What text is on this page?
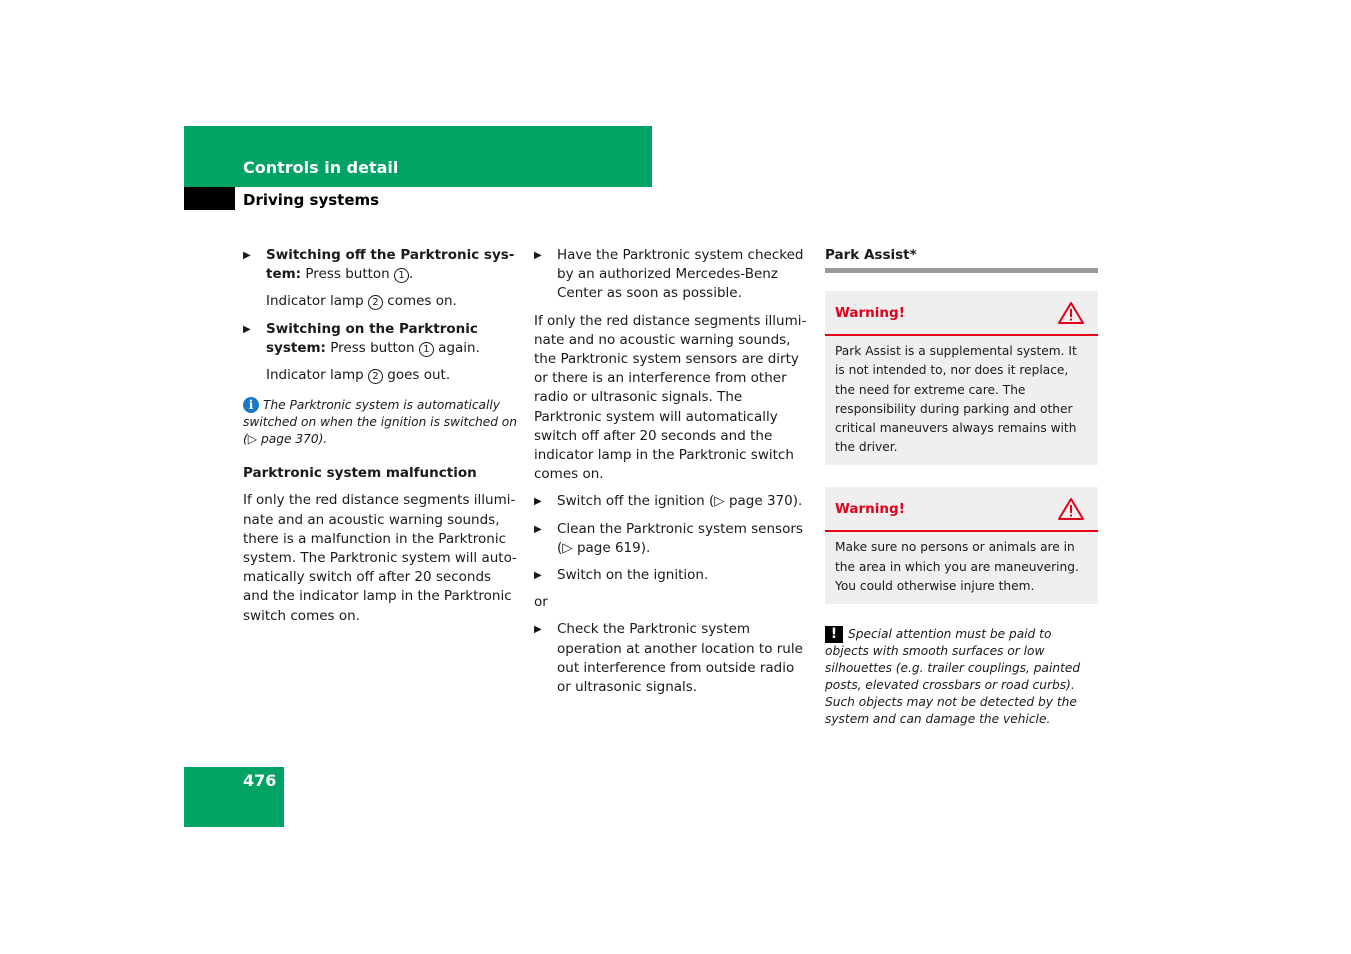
Controls in detail
Driving systems
▶ Switching off the Parktronic system: Press button 1 .
Indicator lamp 2 comes on.
▶ Switching on the Parktronic system: Press button 1 again.
Indicator lamp 2 goes out.
i The Parktronic system is automatically switched on when the ignition is switched on (▷ page 370).
Parktronic system malfunction

If only the red distance segments illuminate and an acoustic warning sounds, there is a malfunction in the Parktronic system. The Parktronic system will automatically switch off after 20 seconds and the indicator lamp in the Parktronic switch comes on.

▶ Have the Parktronic system checked by an authorized Mercedes-Benz Center as soon as possible.

If only the red distance segments illuminate and no acoustic warning sounds, the Parktronic system sensors are dirty or there is an interference from other radio or ultrasonic signals. The Parktronic system will automatically switch off after 20 seconds and the indicator lamp in the Parktronic switch comes on.

▶ Switch off the ignition (▷ page 370).
▶ Clean the Parktronic system sensors (▷ page 619).
▶ Switch on the ignition.

or

▶ Check the Parktronic system operation at another location to rule out interference from outside radio or ultrasonic signals.
Park Assist*
Warning!
Park Assist is a supplemental system. It is not intended to, nor does it replace, the need for extreme care. The responsibility during parking and other critical maneuvers always remains with the driver.
Warning!
Make sure no persons or animals are in the area in which you are maneuvering. You could otherwise injure them.
! Special attention must be paid to objects with smooth surfaces or low silhouettes (e.g. trailer couplings, painted posts, elevated crossbars or road curbs). Such objects may not be detected by the system and can damage the vehicle.
476
